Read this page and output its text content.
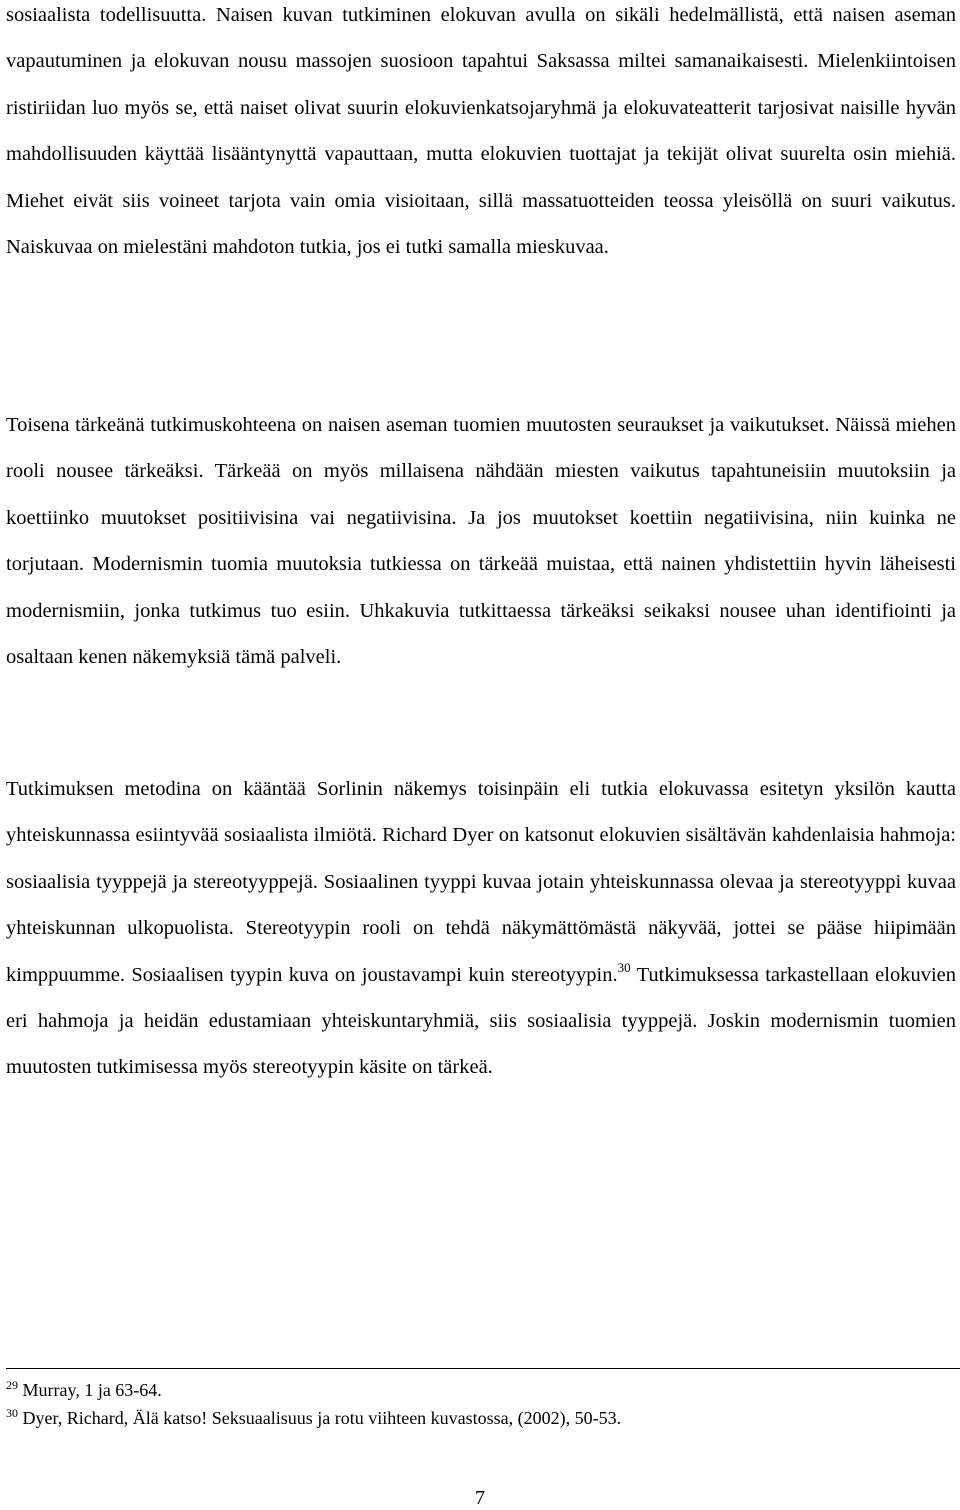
sosiaalista todellisuutta. Naisen kuvan tutkiminen elokuvan avulla on sikäli hedelmällistä, että naisen aseman vapautuminen ja elokuvan nousu massojen suosioon tapahtui Saksassa miltei samanaikaisesti. Mielenkiintoisen ristiriidan luo myös se, että naiset olivat suurin elokuvienkatsojaryhmä ja elokuvateatterit tarjosivat naisille hyvän mahdollisuuden käyttää lisääntynyttä vapauttaan, mutta elokuvien tuottajat ja tekijät olivat suurelta osin miehiä. Miehet eivät siis voineet tarjota vain omia visioitaan, sillä massatuotteiden teossa yleisöllä on suuri vaikutus. Naiskuvaa on mielestäni mahdoton tutkia, jos ei tutki samalla mieskuvaa.

Toisena tärkeänä tutkimuskohteena on naisen aseman tuomien muutosten seuraukset ja vaikutukset. Näissä miehen rooli nousee tärkeäksi. Tärkeää on myös millaisena nähdään miesten vaikutus tapahtuneisiin muutoksiin ja koettiinko muutokset positiivisina vai negatiivisina. Ja jos muutokset koettiin negatiivisina, niin kuinka ne torjutaan. Modernismin tuomia muutoksia tutkiessa on tärkeää muistaa, että nainen yhdistettiin hyvin läheisesti modernismiin, jonka tutkimus tuo esiin. Uhkakuvia tutkittaessa tärkeäksi seikaksi nousee uhan identifiointi ja osaltaan kenen näkemyksiä tämä palveli.

Tutkimuksen metodina on kääntää Sorlinin näkemys toisinpäin eli tutkia elokuvassa esitetyn yksilön kautta yhteiskunnassa esiintyvää sosiaalista ilmiötä. Richard Dyer on katsonut elokuvien sisältävän kahdenlaisia hahmoja: sosiaalisia tyyppejä ja stereotyyppejä. Sosiaalinen tyyppi kuvaa jotain yhteiskunnassa olevaa ja stereotyyppi kuvaa yhteiskunnan ulkopuolista. Stereotyypin rooli on tehdä näkymättömästä näkyvää, jottei se pääse hiipimään kimppuumme. Sosiaalisen tyypin kuva on joustavampi kuin stereotyypin.$^{30}$ Tutkimuksessa tarkastellaan elokuvien eri hahmoja ja heidän edustamiaan yhteiskuntaryhmiä, siis sosiaalisia tyyppejä. Joskin modernismin tuomien muutosten tutkimisessa myös stereotyypin käsite on tärkeä.

$^{29}$ Murray, 1 ja 63-64.

$^{30}$ Dyer, Richard, Älä katso! Seksuaalisuus ja rotu viihteen kuvastossa, (2002), 50-53.

7
